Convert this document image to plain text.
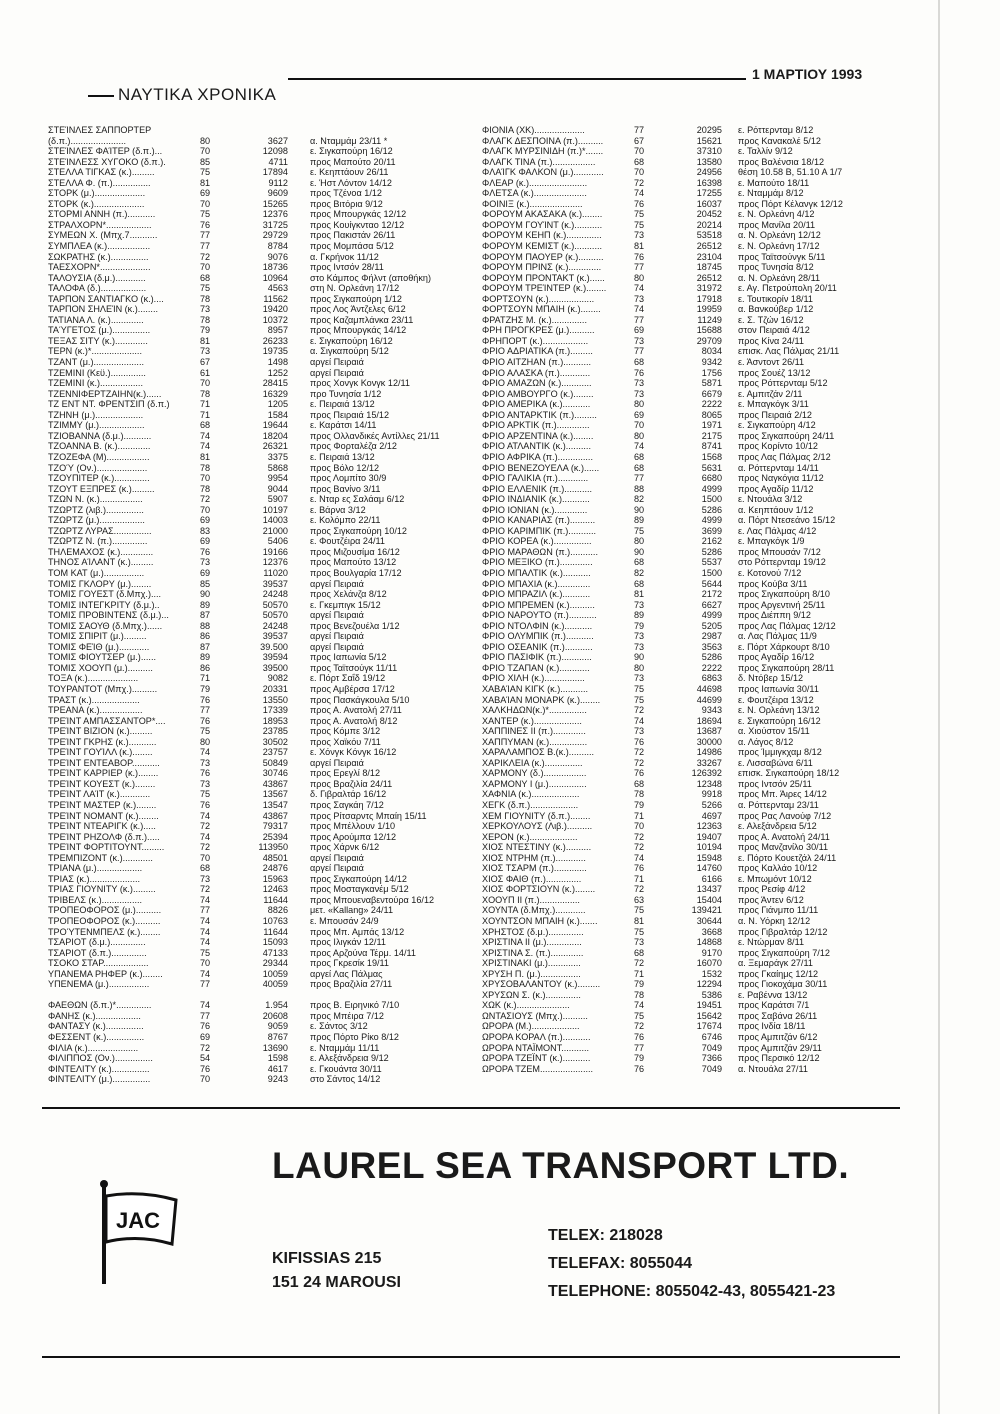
ΝΑΥΤΙΚΑ ΧΡΟΝΙΚΑ
1 ΜΑΡΤΙΟΥ 1993
ΣΤΕΊΝΛΕΣ ΣΑΠΠΟΡΤΕΡ
(δ.π.)......................	80	3627 α. Νταμμάμ 23/11 *
ΣΤΕΊΝΛΕΣ ΦΑΊΤΕΡ (δ.π.)...	70	12098 ε. Σιγκαπούρη 16/12
ΣΤΕΊΝΛΕΣΣ ΧΥΓΟΚΟ (δ.π.).	85	4711 προς Μαπούτο 20/11
ΣΤΕΛΛΑ ΤΙΓΚΑΣ (κ.).........	75	17894 ε. Κεηπτάουν 26/11
ΣΤΕΛΛΑ Φ. (π.)...............	81	9112 ε. Ήστ Λόντον 14/12
ΣΤΟΡΚ (μ.)....................	69	9609 προς Τζένοα 1/12
ΣΤΟΡΚ (κ.)....................	70	15265 προς Βιτόρια 9/12
ΣΤΟΡΜΙ ΑΝΝΗ (π.)...........	75	12376 προς Μπουργκάς 12/12
ΣΤΡΑΛΧΟΡΝ*..................	76	31725 προς Κουίγκνταο 12/12
ΣΥΜΕΩΝ Χ. (Μπχ.7...........	77	29729 προς Πακιστάν 26/11
ΣΥΜΠΛΕΑ (κ.).................	77	8784 προς Μομπάσα 5/12
ΣΩΚΡΑΤΗΣ (κ.)...............	72	9076 α. Γκρήνοκ 11/12
ΤΑΕΣΧΟΡΝ*....................	70	18736 προς Ιντσόν 28/11
ΤΑΛΟΥΣΙΑ (δ.μ.)............	68	10964 στο Κάμπος Φήλντ (αποθήκη)
ΤΑΛΟΦΑ (δ.)..................	75	4563 στη Ν. Ορλεάνη 17/12
ΤΑΡΠΟΝ ΣΑΝΤΙΑΓΚΟ (κ.)....	78	11562 προς Σιγκαπούρη 1/12
ΤΑΡΠΟΝ ΣΗΛΕΊΝ (κ.)........	73	19420 προς Λος Άντζελες 6/12
ΤΑΤΙΑΝΑ Λ. (κ.).............	78	10372 προς Καζαμπλάνκα 23/11
ΤΑΎΓΕΤΟΣ (μ.)...............	79	8957 προς Μπουργκάς 14/12
ΤΕΞΑΣ ΣΙΤΥ (κ.).............	81	26233 ε. Σιγκαπούρη 16/12
ΤΕΡΝ (κ.)*....................	73	19735 α. Σιγκαπούρη 5/12
ΤΖΑΝΤ (μ.)....................	67	1498 αργεί Πειραιά
ΤΖΕΜΙΝΙ (Κεϋ.)..............	61	1252 αργεί Πειραιά
ΤΖΕΜΙΝΙ (κ.).................	70	28415 προς Χονγκ Κονγκ 12/11
ΤΖΕΝΝΙΦΕΡΤΖΑΙΗΝ(κ.)......	78	16329 προ Τυνησία 1/12
ΤΖ ΕΝΤ ΝΤ. ΦΡΕΝΤΣΙΠ (δ.π.)	71	1205 ε. Πειραιά 13/12
ΤΖΗΝΗ (μ.)...................	71	1584 προς Πειραιά 15/12
ΤΖΙΜΜΥ (μ.)..................	68	19644 ε. Καράτσι 14/11
ΤΖΙΟΒΑΝΝΑ (δ.μ.)...........	74	18204 προς Ολλανδικές Αντίλλες 21/11
ΤΖΟΑΝΝΑ Β. (κ.).............	74	26321 προς Φορταλέζα 2/12
ΤΖΟΖΕΦΑ (Μ).................	81	3375 ε. Πειραιά 13/12
ΤΖΟΎ (Ον.)....................	78	5868 προς Βόλο 12/12
ΤΖΟΥΠΙΤΕΡ (κ.)..............	70	9954 προς Λομπίτο 30/9
ΤΖΟΥΤ ΕΞΠΡΕΣ (κ.).........	78	9044 προς Βανίνο 3/11
ΤΖΩΝ Ν. (κ.).................	72	5907 ε. Νταρ ες Σαλάαμ 6/12
ΤΖΩΡΤΖ (λιβ.)...............	70	10197 ε. Βάρνα 3/12
ΤΖΩΡΤΖ (μ.)..................	69	14003 ε. Κολόμπο 22/11
ΤΖΩΡΤΖ ΛΥΡΑΣ...............	83	21000 προς Σιγκαπούρη 10/12
ΤΖΩΡΤΖ Ν. (π.)..............	69	5406 ε. Φουτζέιρα 24/11
ΤΗΛΕΜΑΧΟΣ (κ.).............	76	19166 προς Μιζουσίμα 16/12
ΤΗΝΟΣ ΑΊΛΑΝΤ (κ.).........	73	12376 προς Μαπούτο 13/12
ΤΟΜ ΚΑΤ (μ.)................	69	11020 προς Βουλγαρία 17/12
ΤΟΜΙΣ ΓΚΛΟΡΥ (μ.)........	85	39537 αργεί Πειραιά
ΤΟΜΙΣ ΓΟΥΕΣΤ (δ.Μπχ.)....	90	24248 προς Χελάνζα 8/12
ΤΟΜΙΣ ΙΝΤΕΓΚΡΙΤΥ (δ.μ.)..	89	50570 ε. Γκεμπιγκ 15/12
ΤΟΜΙΣ ΠΡΟΒΙΝΤΕΝΣ (δ.μ.)...	87	50570 αργεί Πειραιά
ΤΟΜΙΣ ΣΑΟΥΘ (δ.Μπχ.)......	88	24248 προς Βενεζουέλα 1/12
ΤΟΜΙΣ ΣΠΙΡΙΤ (μ.).........	86	39537 αργεί Πειραιά
ΤΟΜΙΣ ΦΕΊΘ (μ.)............	87	39.500 αργεί Πειραιά
ΤΟΜΙΣ ΦΙΟΥΤΣΕΡ (μ.)......	89	39594 προς Ιαπωνία 5/12
ΤΟΜΙΣ ΧΟΟΥΠ (μ.)..........	86	39500 προς Ταϊτσούγκ 11/11
ΤΟΞΑ (κ.)....................	71	9082 ε. Πόρτ Σαΐδ 19/12
ΤΟΥΡΑΝΤΟΤ (Μπχ.)..........	79	20331 προς Αμβέρσα 17/12
ΤΡΑΣΤ (κ.)...................	76	13550 προς Πασκάγκουλα 5/10
ΤΡΕΑΝΑ (κ.).................	77	17339 προς Α. Ανατολή 27/11
ΤΡΕΊΝΤ ΑΜΠΑΣΣΑΝΤΟΡ*....	76	18953 προς Α. Ανατολή 8/12
ΤΡΕΊΝΤ ΒΙΖΙΟΝ (κ.).........	75	23785 προς Κόμπε 3/12
ΤΡΕΊΝΤ ΓΚΡΗΣ (κ.)...........	80	30502 προς Χαϊκόυ 7/11
ΤΡΕΊΝΤ ΓΟΥΊΛΛ (κ.)........	74	23757 ε. Χόνγκ Κόνγκ 16/12
ΤΡΕΊΝΤ ΕΝΤΕΑΒΟΡ...........	73	50849 αργεί Πειραιά
ΤΡΕΊΝΤ ΚΑΡΡΙΕΡ (κ.)........	76	30746 προς Ερεγλί 8/12
ΤΡΕΊΝΤ ΚΟΥΕΣΤ (κ.)........	73	43867 προς Βραζιλία 24/11
ΤΡΕΊΝΤ ΛΑΊΤ (κ.)............	75	13567 δ. Γιβραλτάρ 16/12
ΤΡΕΊΝΤ ΜΑΣΤΕΡ (κ.)........	76	13547 προς Σαγκάη 7/12
ΤΡΕΊΝΤ ΝΟΜΑΝΤ (κ.)........	74	43867 προς Ρίτσαρντς Μπαίη 15/11
ΤΡΕΊΝΤ ΝΤΕΑΡΙΓΚ (κ.).....	72	79317 προς Μπέλλουν 1/10
ΤΡΕΊΝΤ ΡΗΖΟΛΦ (δ.π.).....	74	25394 προς Αρούμπα 12/12
ΤΡΕΊΝΤ ΦΟΡΤΙΤΟΥΝΤ.........	72	113950 προς Χάρνκ 6/12
ΤΡΕΜΠΙΖΟΝΤ (κ.)............	70	48501 αργεί Πειραιά
ΤΡΙΑΝΑ (μ.)..................	68	24876 αργεί Πειραιά
ΤΡΙΑΣ (κ.)....................	73	15963 προς Σιγκαπούρη 14/12
ΤΡΙΑΣ ΓΙΟΥΝΙΤΥ (κ.).........	72	12463 προς Μοσταγκανέμ 5/12
ΤΡΙΒΕΛΣ (κ.)................	74	11644 προς Μπουεναβεντούρα 16/12
ΤΡΟΠΕΟΦΟΡΟΣ (μ.)..........	77	8826 μετ. «Kallang» 24/11
ΤΡΟΠΕΟΦΟΡΟΣ (κ.)..........	74	10763 ε. Μπουσάν 24/9
ΤΡΟΎΤΕΝΜΠΕΛΣ (κ.)........	74	11644 προς Μπ. Αμπάς 13/12
ΤΣΑΡΙΟΤ (δ.μ.)..............	74	15093 προς Ιλιγκάν 12/11
ΤΣΑΡΙΟΤ (δ.π.)..............	75	47133 προς Αρζούνα Τέρμ. 14/11
ΤΣΟΚΟ ΣΤΑΡ..................	70	29344 προς Γκρεσίκ 19/11
ΥΠΑΝΕΜΑ ΡΗΦΕΡ (κ.)........	74	10059 αργεί Λας Πάλμας
ΥΠΕΝΕΜΑ (μ.)................	77	40059 προς Βραζιλία 27/11
ΦΑΕΘΩΝ (δ.π.)*..............	74	1.954 προς Β. Ειρηνικό 7/10
ΦΑΝΗΣ (κ.)..................	77	20608 προς Μπέιρα 7/12
ΦΑΝΤΑΣΥ (κ.)...............	76	9059 ε. Σάντος 3/12
ΦΕΣΣΕΝΤ (κ.)...............	69	8767 προς Πόρτο Ρίκο 8/12
ΦΙΛΙΑ (κ.)....................	72	13690 ε. Νταμμάμ 11/11
ΦΙΛΙΠΠΟΣ (Ον.)...............	54	1598 ε. Αλεξάνδρεια 9/12
ΦΙΝΤΕΛΙΤΥ (κ.)...............	76	4617 ε. Γκουάντα 30/11
ΦΙΝΤΕΛΙΤΥ (μ.)...............	70	9243 στο Σάντος 14/12
ΦΙΟΝΙΑ (ΧΚ)....................	77	20295 ε. Ρόττερνταμ 8/12
ΦΛΑΓΚ ΔΕΣΠΟΙΝΑ (π.)..........	67	15621 προς Κανακαλέ 5/12
ΦΛΑΓΚ ΜΥΡΣΙΝΙΔΗ (π.)*.......	70	37310 ε. Ταλλίν 9/12
ΦΛΑΓΚ ΤΙΝΑ (π.).................	68	13580 προς Βαλένσια 18/12
ΦΛΑΊΓΚ ΦΑΛΚΟΝ (μ.)............	70	24956 θέση 10.58 Β, 51.10 Α 1/7
ΦΛΕΑΡ (κ.).......................	72	16398 ε. Μαπούτο 18/11
ΦΛΕΤΣΑ (κ.).....................	74	17255 ε. Νταμμάμ 8/12
ΦΟΙΝΙΞ (κ.).....................	76	16037 προς Πόρτ Κέλανγκ 12/12
ΦΟΡΟΥΜ ΑΚΑΣΑΚΑ (κ.)........	75	20452 ε. Ν. Ορλεάνη 4/12
ΦΟΡΟΥΜ ΓΟΥΊΝΤ (κ.)...........	75	20214 προς Μανίλα 20/11
ΦΟΡΟΥΜ ΚΕΗΠ (κ.)..............	73	53518 α. Ν. Ορλεάνη 12/12
ΦΟΡΟΥΜ ΚΕΜΙΣΤ (κ.)...........	81	26512 ε. Ν. Ορλεάνη 17/12
ΦΟΡΟΥΜ ΠΑΟΥΕΡ (κ.)..........	76	23104 προς Ταϊτσούνγκ 5/11
ΦΟΡΟΥΜ ΠΡΙΝΣ (κ.).............	77	18745 προς Τυνησία 8/12
ΦΟΡΟΥΜ ΠΡΟΝΤΑΚΤ (κ.)......	80	26512 α. Ν. Ορλεάνη 28/11
ΦΟΡΟΥΜ ΤΡΕΊΝΤΕΡ (κ.)........	74	31972 ε. Αγ. Πετρούπολη 20/11
ΦΟΡΤΣΟΥΝ (κ.)..................	73	17918 ε. Τουτικορίν 18/11
ΦΟΡΤΣΟΥΝ ΜΠΑΙΗ (κ.)........	74	19959 α. Βανκούβερ 1/12
ΦΡΑΤΖΗΣ Μ. (κ.)..............	77	11249 ε. Σ. Τζών 16/12
ΦΡΗ ΠΡΟΓΚΡΕΣ (μ.)..........	69	15688 στον Πειραιά 4/12
ΦΡΗΠΟΡΤ (κ.)..................	73	29709 προς Κίνα 24/11
ΦΡΙΟ ΑΔΡΙΑΤΙΚΑ (π.).........	77	8034 επισκ. Λας Πάλμας 21/11
ΦΡΙΟ ΑΙΤΖΗΑΝ (π.)...........	68	9342 ε. Άσντοντ 26/11
ΦΡΙΟ ΑΛΑΣΚΑ (π.)............	76	1756 προς Σουέζ 13/12
ΦΡΙΟ ΑΜΑΖΩΝ (κ.)............	73	5871 προς Ρόττερνταμ 5/12
ΦΡΙΟ ΑΜΒΟΥΡΓΟ (κ.)........	73	6679 ε. Αμπιτζάν 2/11
ΦΡΙΟ ΑΜΕΡΙΚΑ (κ.)...........	80	2222 ε. Μπαγκόγκ 3/11
ΦΡΙΟ ΑΝΤΑΡΚΤΙΚ (π.).........	69	8065 προς Πειραιά 2/12
ΦΡΙΟ ΑΡΚΤΙΚ (π.).............	70	1971 ε. Σιγκαπούρη 4/12
ΦΡΙΟ ΑΡΖΕΝΤΙΝΑ (κ.)........	80	2175 προς Σιγκαπούρη 24/11
ΦΡΙΟ ΑΤΛΑΝΤΙΚ (κ.)..........	74	8741 προς Κορίντο 10/12
ΦΡΙΟ ΑΦΡΙΚΑ (π.)..............	68	1568 προς Λας Πάλμας 2/12
ΦΡΙΟ ΒΕΝΕΖΟΥΕΛΑ (κ.)......	68	5631 α. Ρόττερνταμ 14/11
ΦΡΙΟ ΓΑΛΙΚΙΑ (π.)............	77	6680 προς Ναγκόγια 11/12
ΦΡΙΟ ΕΛΛΕΝΙΚ (π.)...........	88	4999 προς Αγαδίρ 11/12
ΦΡΙΟ ΙΝΔΙΑΝΙΚ (κ.)...........	82	1500 ε. Ντουάλα 3/12
ΦΡΙΟ ΙΟΝΙΑΝ (κ.).............	90	5286 α. Κεηπτάουν 1/12
ΦΡΙΟ ΚΑΝΑΡΙΑΣ (π.)..........	89	4999 α. Πόρτ Ντεσεάνο 15/12
ΦΡΙΟ ΚΑΡΙΜΠΙΚ (π.)...........	75	3699 ε. Λας Πάλμας 4/12
ΦΡΙΟ ΚΟΡΕΑ (κ.)...............	80	2162 ε. Μπαγκόγκ 1/9
ΦΡΙΟ ΜΑΡΑΘΩΝ (π.)...........	90	5286 προς Μπουσάν 7/12
ΦΡΙΟ ΜΕΞΙΚΟ (π.).............	68	5537 στο Ρόττερνταμ 19/12
ΦΡΙΟ ΜΠΑΛΤΙΚ (κ.)...........	82	1500 ε. Κοτονού 7/12
ΦΡΙΟ ΜΠΑΧΙΑ (κ.).............	68	5644 προς Κούβα 3/11
ΦΡΙΟ ΜΠΡΑΖΙΛ (κ.)...........	81	2172 προς Σιγκαπούρη 8/10
ΦΡΙΟ ΜΠΡΕΜΕΝ (κ.)..........	73	6627 προς Αργεντινή 25/11
ΦΡΙΟ ΝΑΡΟΥΤΟ (π.)...........	89	4999 προς Διέππη 9/12
ΦΡΙΟ ΝΤΟΛΦΙΝ (κ.)...........	79	5205 προς Λας Πάλμας 12/12
ΦΡΙΟ ΟΛΥΜΠΙΚ (π.)...........	73	2987 α. Λας Πάλμας 11/9
ΦΡΙΟ ΟΣΕΑΝΙΚ (π.)...........	73	3563 ε. Πόρτ Χάρκουρτ 8/10
ΦΡΙΟ ΠΑΣΙΦΙΚ (π.)............	90	5286 προς Αγαδίρ 16/12
ΦΡΙΟ ΤΖΑΠΑΝ (κ.)............	80	2222 προς Σιγκαπούρη 28/11
ΦΡΙΟ ΧΙΛΗ (κ.)................	73	6863 δ. Ντόβερ 15/12
ΧΑΒΑΊΑΝ ΚΙΓΚ (κ.)...........	75	44698 προς Ιαπωνία 30/11
ΧΑΒΑΊΑΝ ΜΟΝΑΡΚ (κ.)........	75	44699 ε. Φουτζέιρα 13/12
ΧΑΛΚΗΔΩΝ(κ.)*...............	72	9343 ε. Ν. Ορλεάνη 13/12
ΧΑΝΤΕΡ (κ.)...................	74	18694 ε. Σιγκαπούρη 16/12
ΧΑΠΠΙΝΕΣ ΙΙ (π.).............	73	13687 α. Χιούστον 15/11
ΧΑΠΠΥΜΑΝ (κ.)...............	76	30000 α. Λάγος 8/12
ΧΑΡΑΛΑΜΠΟΣ Β.(κ.)..........	72	14986 προς Ίμμιγκχαμ 8/12
ΧΑΡΙΚΛΕΙΑ (κ.)...............	72	33267 ε. Λισσαβώνα 6/11
ΧΑΡΜΟΝΥ (δ.).................	76	126392 επισκ. Σιγκαπούρη 18/12
ΧΑΡΜΟΝΥ Ι (μ.)...............	68	12348 προς Ιντσόν 25/11
ΧΑΦΝΙΑ (κ.)...................	78	9918 προς Μπ. Άιρες 14/12
ΧΕΓΚ (δ.π.)...................	79	5266 α. Ρόττερνταμ 23/11
ΧΕΜ ΓΙΟΥΝΙΤΥ (δ.π.)........	71	4697 προς Ρας Λανούφ 7/12
ΧΕΡΚΟΥΛΟΥΣ (Λιβ.)..........	70	12363 ε. Αλεξάνδρεια 5/12
ΧΕΡΟΝ (κ.)...................	72	19407 προς Α. Ανατολή 24/11
ΧΙΟΣ ΝΤΕΣΤΙΝΥ (κ.)..........	72	10194 προς Μανζανίλο 30/11
ΧΙΟΣ ΝΤΡΗΜ (π.)............	74	15948 ε. Πόρτο Κουετζάλ 24/11
ΧΙΟΣ ΤΣΑΡΜ (π.).............	76	14760 προς Καλλάο 10/12
ΧΙΟΣ ΦΑΙΘ (π.)..............	71	6166 ε. Μπωμόντ 10/12
ΧΙΟΣ ΦΟΡΤΣΙΟΥΝ (κ.)........	72	13437 προς Ρεσίφ 4/12
ΧΟΟΥΠ ΙΙ (π.)................	63	15404 προς Άντεν 6/12
ΧΟΥΝΤΑ (δ.Μπχ.)............	75	139421 προς Γιάνμπο 11/11
ΧΟΥΝΤΣΟΝ ΜΠΑΙΗ (κ.).......	81	30644 α. Ν. Υόρκη 12/12
ΧΡΗΣΤΟΣ (δ.μ.)..............	75	3668 προς Γιβραλτάρ 12/12
ΧΡΙΣΤΙΝΑ ΙΙ (μ.)..............	73	14868 ε. Ντώρμαν 8/11
ΧΡΙΣΤΙΝΑ Σ. (π.).............	68	9170 προς Σιγκαπούρη 7/12
ΧΡΙΣΤΙΝΑΚΙ (μ.).............	72	16070 α. Ξεμαράγκ 27/11
ΧΡΥΣΗ Π. (μ.)................	71	1532 προς Γκαίημς 12/12
ΧΡΥΣΟΒΑΛΑΝΤΟΥ (κ.).........	79	12294 προς Γιοκοχάμα 30/11
ΧΡΥΣΩΝ Σ. (κ.)..............	78	5386 ε. Ραβέννα 13/12
ΧΩΚ (κ.).....................	74	19451 προς Καράτσι 7/1
ΩΝΤΑΣΙΟΥΣ (Μπχ.)..........	75	15642 προς Σαβάνα 26/11
ΩΡΟΡΑ (Μ.)...................	72	17674 προς Ινδία 18/11
ΩΡΟΡΑ ΚΟΡΑΛ (π.)...........	76	6746 προς Αμπιτζάν 6/12
ΩΡΟΡΑ ΝΤΑΪΜΟΝΤ...........	77	7049 προς Αμπιτζάν 29/11
ΩΡΟΡΑ ΤΖΕΪΝΤ (κ.)...........	79	7366 προς Περσικό 12/12
ΩΡΟΡΑ ΤΖΕΜ.....................	76	7049 α. Ντουάλα 27/11
LAUREL SEA TRANSPORT LTD.
JAC
KIFISSIAS 215
151 24 MAROUSI
TELEX: 218028
TELEFAX: 8055044
TELEPHONE: 8055042-43, 8055421-23
